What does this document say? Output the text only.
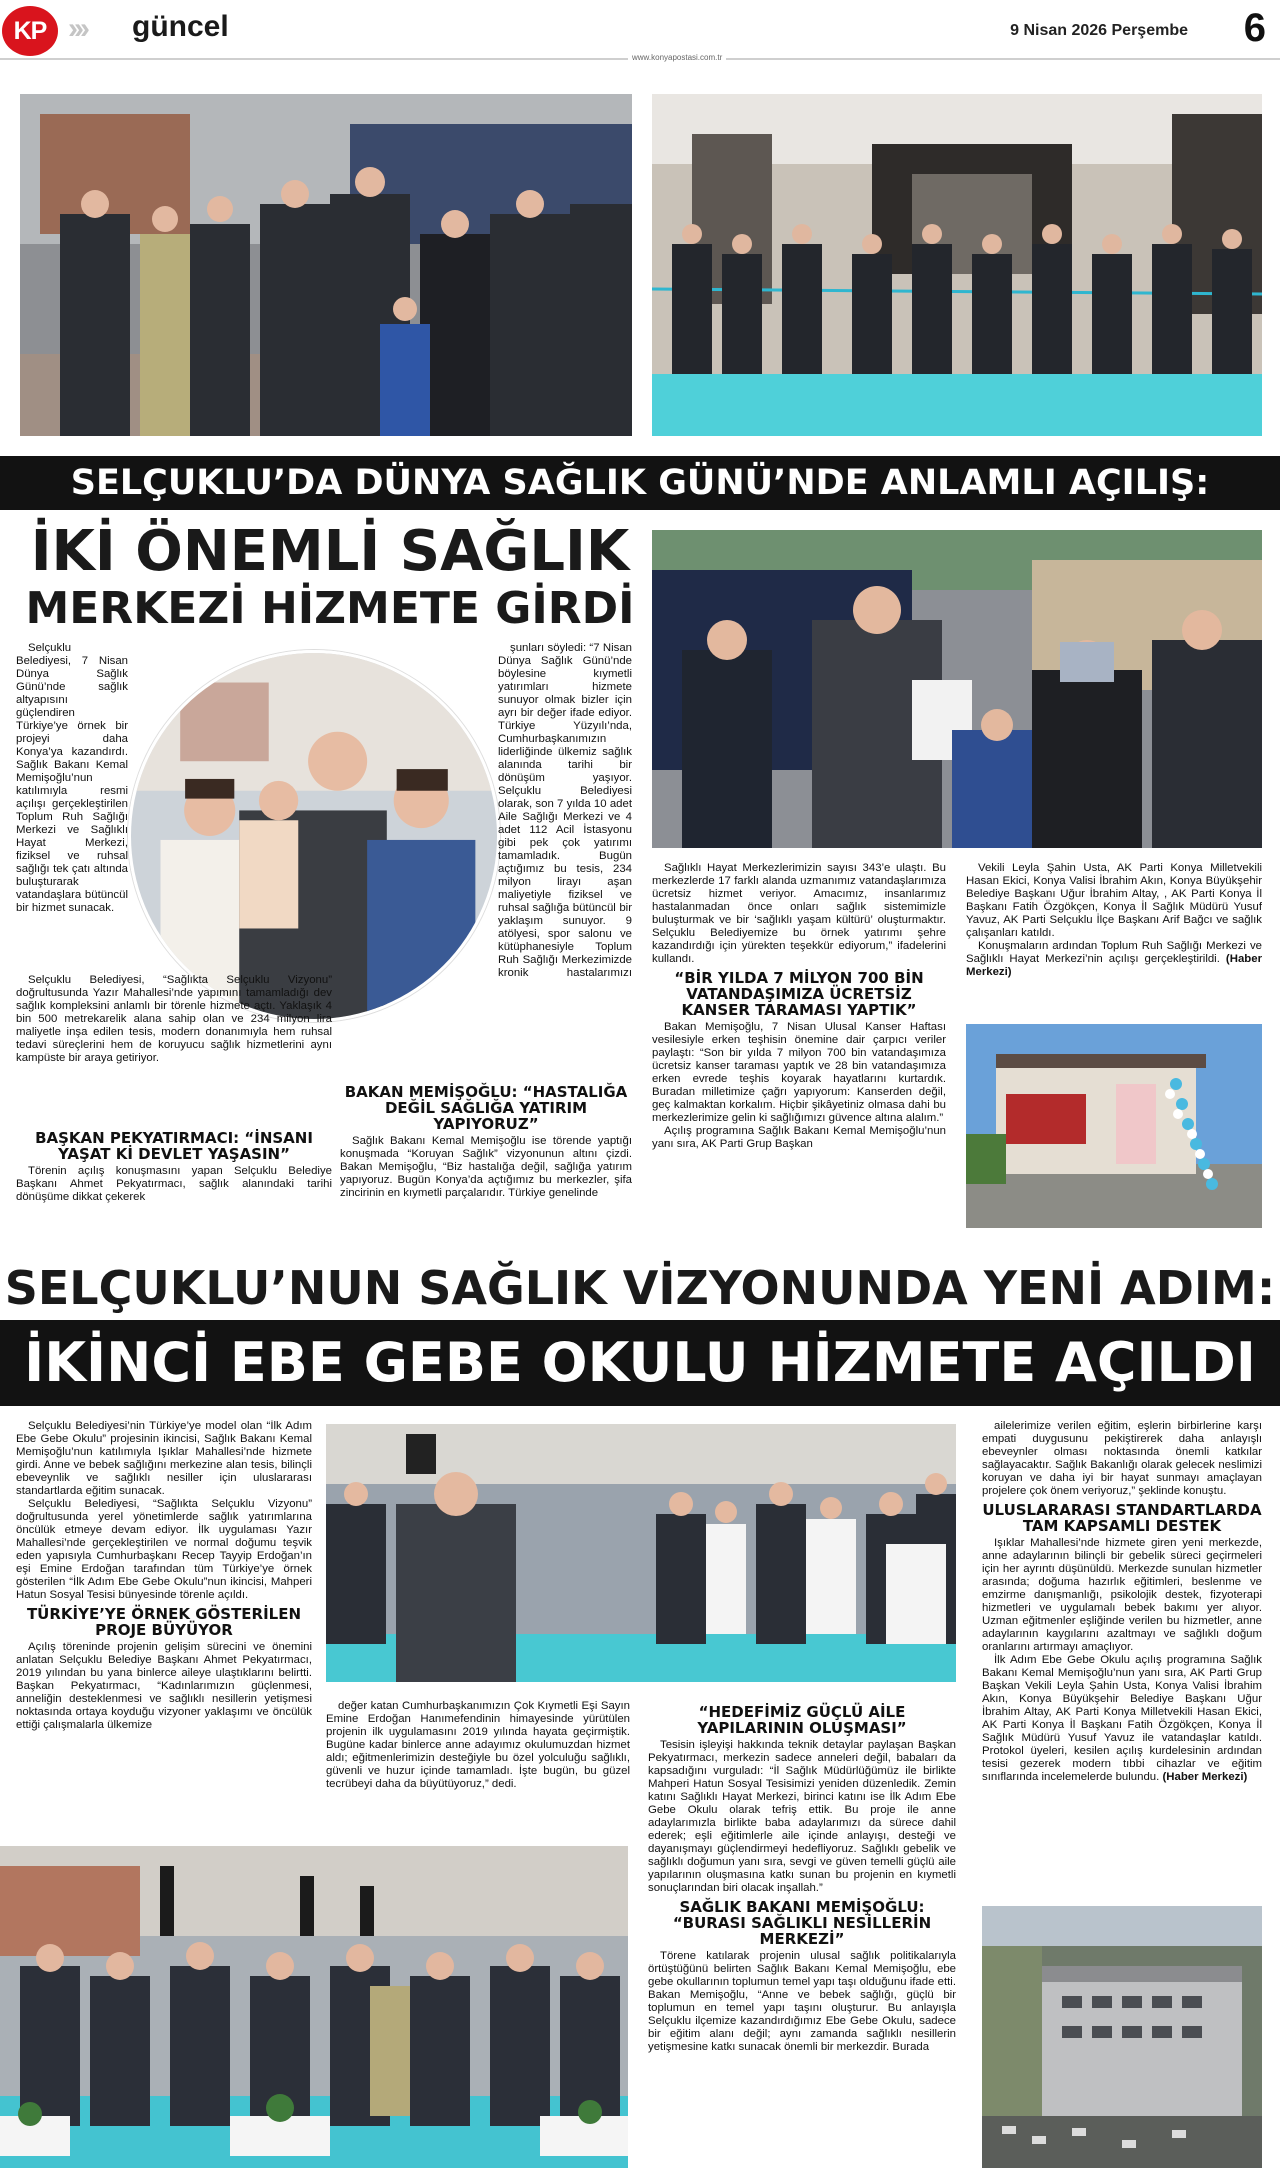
KP ››› güncel	9 Nisan 2026 Perşembe 6
www.konyapostasi.com.tr
SELÇUKLU’DA DÜNYA SAĞLIK GÜNÜ’NDE ANLAMLI AÇILIŞ:
İKİ ÖNEMLİ SAĞLIK
MERKEZİ HİZMETE GİRDİ

Selçuklu Belediyesi, 7 Nisan Dünya Sağlık Günü’nde sağlık altyapısını güçlendiren Türkiye’ye örnek bir projeyi daha Konya’ya kazandırdı. Sağlık Bakanı Kemal Memişoğlu’nun katılımıyla resmi açılışı gerçekleştirilen Toplum Ruh Sağlığı Merkezi ve Sağlıklı Hayat Merkezi, fiziksel ve ruhsal sağlığı tek çatı altında buluşturarak vatandaşlara bütüncül bir hizmet sunacak.

Selçuklu Belediyesi, “Sağlıkta Selçuklu Vizyonu” doğrultusunda Yazır Mahallesi’nde yapımını tamamladığı dev sağlık kompleksini anlamlı bir törenle hizmete açtı. Yaklaşık 4 bin 500 metrekarelik alana sahip olan ve 234 milyon lira maliyetle inşa edilen tesis, modern donanımıyla hem ruhsal tedavi süreçlerini hem de koruyucu sağlık hizmetlerini aynı kampüste bir araya getiriyor.

BAŞKAN PEKYATIRMACI: “İNSANI YAŞAT Kİ DEVLET YAŞASIN”

Törenin açılış konuşmasını yapan Selçuklu Belediye Başkanı Ahmet Pekyatırmacı, sağlık alanındaki tarihi dönüşüme dikkat çekerek

şunları söyledi: “7 Nisan Dünya Sağlık Günü’nde böylesine kıymetli yatırımları hizmete sunuyor olmak bizler için ayrı bir değer ifade ediyor. Türkiye Yüzyılı’nda, Cumhurbaşkanımızın liderliğinde ülkemiz sağlık alanında tarihi bir dönüşüm yaşıyor. Selçuklu Belediyesi olarak, son 7 yılda 10 adet Aile Sağlığı Merkezi ve 4 adet 112 Acil İstasyonu gibi pek çok yatırımı tamamladık. Bugün açtığımız bu tesis, 234 milyon lirayı aşan maliyetiyle fiziksel ve ruhsal sağlığa bütüncül bir yaklaşım sunuyor. 9 atölyesi, spor salonu ve kütüphanesiyle Toplum Ruh Sağlığı Merkezimizde kronik hastalarımızı

BAKAN MEMİŞOĞLU: “HASTALIĞA DEĞİL SAĞLIĞA YATIRIM YAPIYORUZ”

Sağlık Bakanı Kemal Memişoğlu ise törende yaptığı konuşmada “Koruyan Sağlık” vizyonunun altını çizdi. Bakan Memişoğlu, “Biz hastalığa değil, sağlığa yatırım yapıyoruz. Bugün Konya’da açtığımız bu merkezler, şifa zincirinin en kıymetli parçalarıdır. Türkiye genelinde

Sağlıklı Hayat Merkezlerimizin sayısı 343’e ulaştı. Bu merkezlerde 17 farklı alanda uzmanımız vatandaşlarımıza ücretsiz hizmet veriyor. Amacımız, insanlarımız hastalanmadan önce onları sağlık sistemimizle buluşturmak ve bir ‘sağlıklı yaşam kültürü’ oluşturmaktır. Selçuklu Belediyemize bu örnek yatırımı şehre kazandırdığı için yürekten teşekkür ediyorum,” ifadelerini kullandı.

“BİR YILDA 7 MİLYON 700 BİN VATANDAŞIMIZA ÜCRETSİZ KANSER TARAMASI YAPTIK”

Bakan Memişoğlu, 7 Nisan Ulusal Kanser Haftası vesilesiyle erken teşhisin önemine dair çarpıcı veriler paylaştı: “Son bir yılda 7 milyon 700 bin vatandaşımıza ücretsiz kanser taraması yaptık ve 28 bin vatandaşımıza erken evrede teşhis koyarak hayatlarını kurtardık. Buradan milletimize çağrı yapıyorum: Kanserden değil, geç kalmaktan korkalım. Hiçbir şikâyetiniz olmasa dahi bu merkezlerimize gelin ki sağlığımızı güvence altına alalım.”

Açılış programına Sağlık Bakanı Kemal Memişoğlu’nun yanı sıra, AK Parti Grup Başkan

Vekili Leyla Şahin Usta, AK Parti Konya Milletvekili Hasan Ekici, Konya Valisi İbrahim Akın, Konya Büyükşehir Belediye Başkanı Uğur İbrahim Altay, , AK Parti Konya İl Başkanı Fatih Özgökçen, Konya İl Sağlık Müdürü Yusuf Yavuz, AK Parti Selçuklu İlçe Başkanı Arif Bağcı ve sağlık çalışanları katıldı.

Konuşmaların ardından Toplum Ruh Sağlığı Merkezi ve Sağlıklı Hayat Merkezi’nin açılışı gerçekleştirildi. (Haber Merkezi)

SELÇUKLU’NUN SAĞLIK VİZYONUNDA YENİ ADIM:
İKİNCİ EBE GEBE OKULU HİZMETE AÇILDI

Selçuklu Belediyesi’nin Türkiye’ye model olan “İlk Adım Ebe Gebe Okulu” projesinin ikincisi, Sağlık Bakanı Kemal Memişoğlu’nun katılımıyla Işıklar Mahallesi’nde hizmete girdi. Anne ve bebek sağlığını merkezine alan tesis, bilinçli ebeveynlik ve sağlıklı nesiller için uluslararası standartlarda eğitim sunacak.

Selçuklu Belediyesi, “Sağlıkta Selçuklu Vizyonu” doğrultusunda yerel yönetimlerde sağlık yatırımlarına öncülük etmeye devam ediyor. İlk uygulaması Yazır Mahallesi’nde gerçekleştirilen ve normal doğumu teşvik eden yapısıyla Cumhurbaşkanı Recep Tayyip Erdoğan’ın eşi Emine Erdoğan tarafından tüm Türkiye’ye örnek gösterilen “İlk Adım Ebe Gebe Okulu”nun ikincisi, Mahperi Hatun Sosyal Tesisi bünyesinde törenle açıldı.

TÜRKİYE’YE ÖRNEK GÖSTERİLEN PROJE BÜYÜYOR

Açılış töreninde projenin gelişim sürecini ve önemini anlatan Selçuklu Belediye Başkanı Ahmet Pekyatırmacı, 2019 yılından bu yana binlerce aileye ulaştıklarını belirtti. Başkan Pekyatırmacı, “Kadınlarımızın güçlenmesi, anneliğin desteklenmesi ve sağlıklı nesillerin yetişmesi noktasında ortaya koyduğu vizyoner yaklaşımı ve öncülük ettiği çalışmalarla ülkemize

değer katan Cumhurbaşkanımızın Çok Kıymetli Eşi Sayın Emine Erdoğan Hanımefendinin himayesinde yürütülen projenin ilk uygulamasını 2019 yılında hayata geçirmiştik. Bugüne kadar binlerce anne adayımız okulumuzdan hizmet aldı; eğitmenlerimizin desteğiyle bu özel yolculuğu sağlıklı, güvenli ve huzur içinde tamamladı. İşte bugün, bu güzel tecrübeyi daha da büyütüyoruz,” dedi.

“HEDEFİMİZ GÜÇLÜ AİLE YAPILARININ OLUŞMASI”

Tesisin işleyişi hakkında teknik detaylar paylaşan Başkan Pekyatırmacı, merkezin sadece anneleri değil, babaları da kapsadığını vurguladı: “İl Sağlık Müdürlüğümüz ile birlikte Mahperi Hatun Sosyal Tesisimizi yeniden düzenledik. Zemin katını Sağlıklı Hayat Merkezi, birinci katını ise İlk Adım Ebe Gebe Okulu olarak tefriş ettik. Bu proje ile anne adaylarımızla birlikte baba adaylarımızı da sürece dahil ederek; eşli eğitimlerle aile içinde anlayışı, desteği ve dayanışmayı güçlendirmeyi hedefliyoruz. Sağlıklı gebelik ve sağlıklı doğumun yanı sıra, sevgi ve güven temelli güçlü aile yapılarının oluşmasına katkı sunan bu projenin en kıymetli sonuçlarından biri olacak inşallah.”

SAĞLIK BAKANI MEMİŞOĞLU: “BURASI SAĞLIKLI NESİLLERİN MERKEZİ”

Törene katılarak projenin ulusal sağlık politikalarıyla örtüştüğünü belirten Sağlık Bakanı Kemal Memişoğlu, ebe gebe okullarının toplumun temel yapı taşı olduğunu ifade etti. Bakan Memişoğlu, “Anne ve bebek sağlığı, güçlü bir toplumun en temel yapı taşını oluşturur. Bu anlayışla Selçuklu ilçemize kazandırdığımız Ebe Gebe Okulu, sadece bir eğitim alanı değil; aynı zamanda sağlıklı nesillerin yetişmesine katkı sunacak önemli bir merkezdir. Burada

ailelerimize verilen eğitim, eşlerin birbirlerine karşı empati duygusunu pekiştirerek daha anlayışlı ebeveynler olması noktasında önemli katkılar sağlayacaktır. Sağlık Bakanlığı olarak gelecek neslimizi koruyan ve daha iyi bir hayat sunmayı amaçlayan projelere çok önem veriyoruz,” şeklinde konuştu.

ULUSLARARASI STANDARTLARDA TAM KAPSAMLI DESTEK

Işıklar Mahallesi’nde hizmete giren yeni merkezde, anne adaylarının bilinçli bir gebelik süreci geçirmeleri için her ayrıntı düşünüldü. Merkezde sunulan hizmetler arasında; doğuma hazırlık eğitimleri, beslenme ve emzirme danışmanlığı, psikolojik destek, fizyoterapi hizmetleri ve uygulamalı bebek bakımı yer alıyor. Uzman eğitmenler eşliğinde verilen bu hizmetler, anne adaylarının kaygılarını azaltmayı ve sağlıklı doğum oranlarını artırmayı amaçlıyor.

İlk Adım Ebe Gebe Okulu açılış programına Sağlık Bakanı Kemal Memişoğlu’nun yanı sıra, AK Parti Grup Başkan Vekili Leyla Şahin Usta, Konya Valisi İbrahim Akın, Konya Büyükşehir Belediye Başkanı Uğur İbrahim Altay, AK Parti Konya Milletvekili Hasan Ekici, AK Parti Konya İl Başkanı Fatih Özgökçen, Konya İl Sağlık Müdürü Yusuf Yavuz ile vatandaşlar katıldı. Protokol üyeleri, kesilen açılış kurdelesinin ardından tesisi gezerek modern tıbbi cihazlar ve eğitim sınıflarında incelemelerde bulundu. (Haber Merkezi)
